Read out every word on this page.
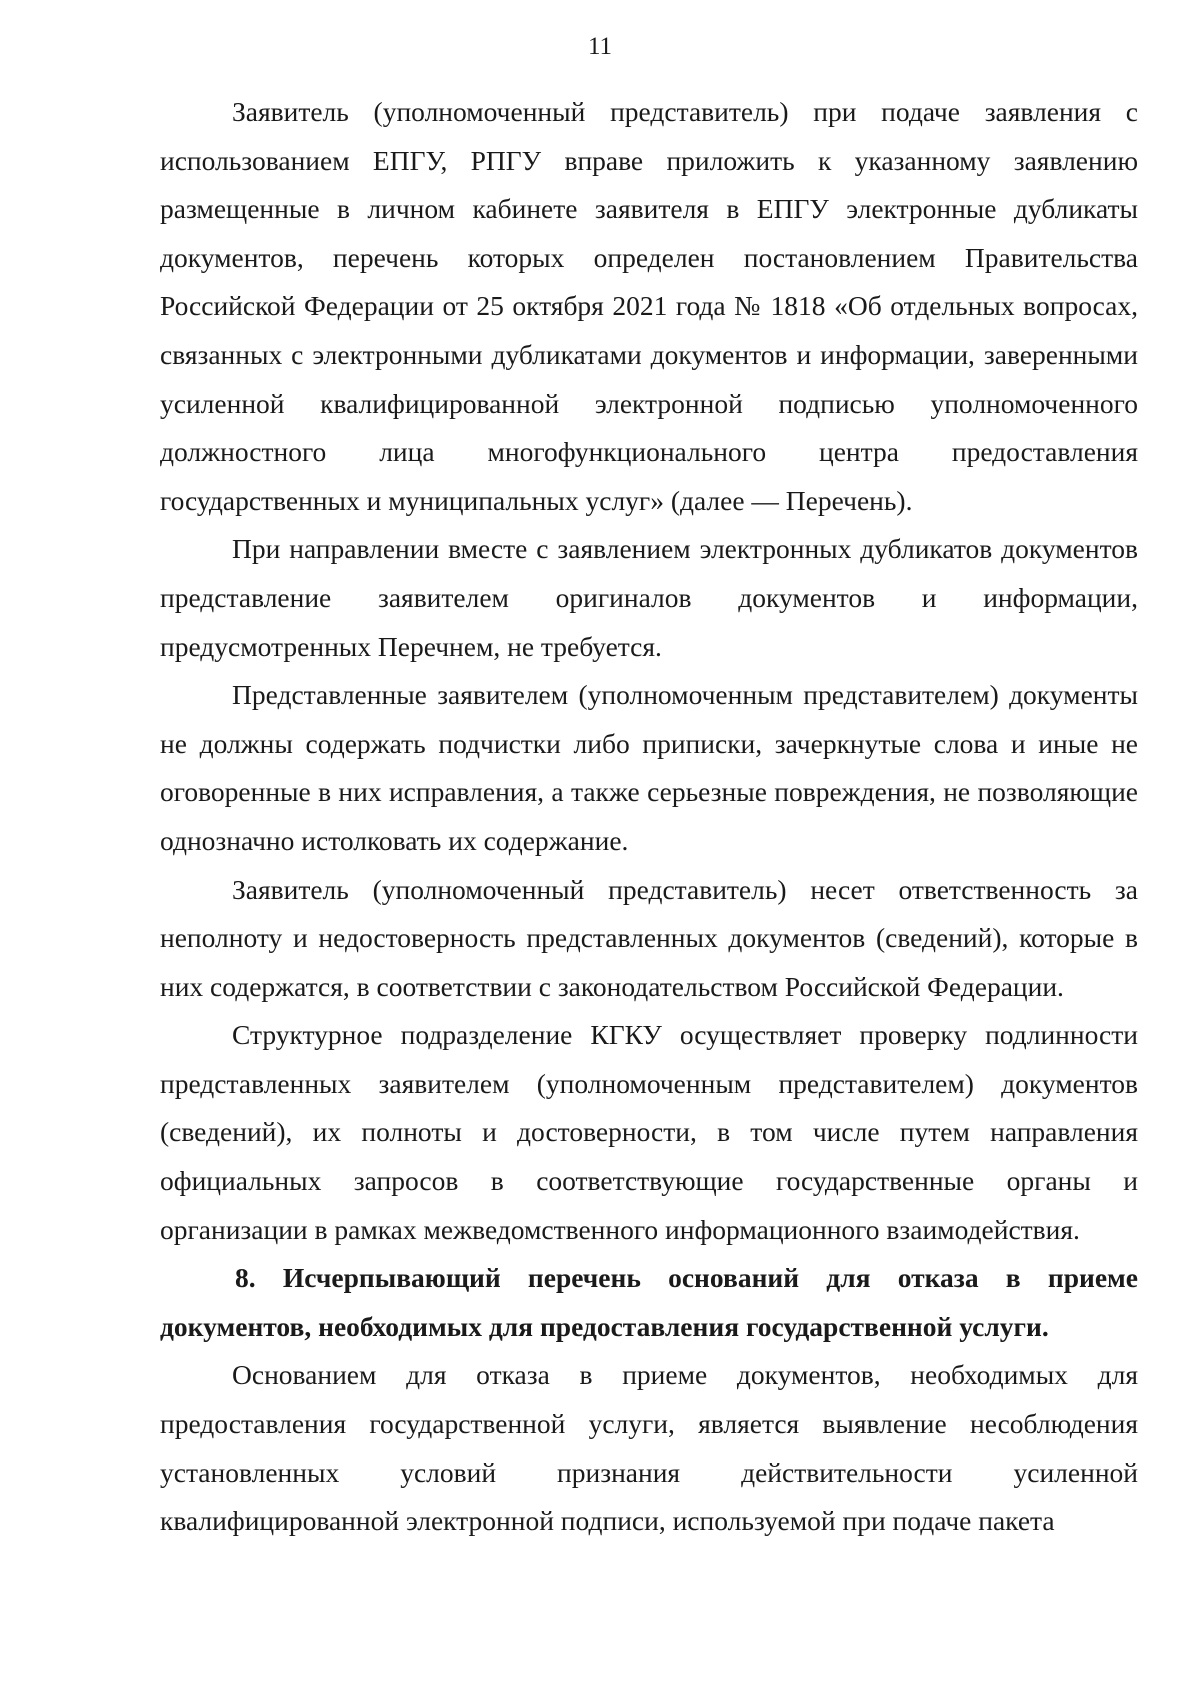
11

Заявитель (уполномоченный представитель) при подаче заявления с использованием ЕПГУ, РПГУ вправе приложить к указанному заявлению размещенные в личном кабинете заявителя в ЕПГУ электронные дубликаты документов, перечень которых определен постановлением Правительства Российской Федерации от 25 октября 2021 года № 1818 «Об отдельных вопросах, связанных с электронными дубликатами документов и информации, заверенными усиленной квалифицированной электронной подписью уполномоченного должностного лица многофункционального центра предоставления государственных и муниципальных услуг» (далее — Перечень).

При направлении вместе с заявлением электронных дубликатов документов представление заявителем оригиналов документов и информации, предусмотренных Перечнем, не требуется.

Представленные заявителем (уполномоченным представителем) документы не должны содержать подчистки либо приписки, зачеркнутые слова и иные не оговоренные в них исправления, а также серьезные повреждения, не позволяющие однозначно истолковать их содержание.

Заявитель (уполномоченный представитель) несет ответственность за неполноту и недостоверность представленных документов (сведений), которые в них содержатся, в соответствии с законодательством Российской Федерации.

Структурное подразделение КГКУ осуществляет проверку подлинности представленных заявителем (уполномоченным представителем) документов (сведений), их полноты и достоверности, в том числе путем направления официальных запросов в соответствующие государственные органы и организации в рамках межведомственного информационного взаимодействия.

8. Исчерпывающий перечень оснований для отказа в приеме документов, необходимых для предоставления государственной услуги.

Основанием для отказа в приеме документов, необходимых для предоставления государственной услуги, является выявление несоблюдения установленных условий признания действительности усиленной квалифицированной электронной подписи, используемой при подаче пакета
